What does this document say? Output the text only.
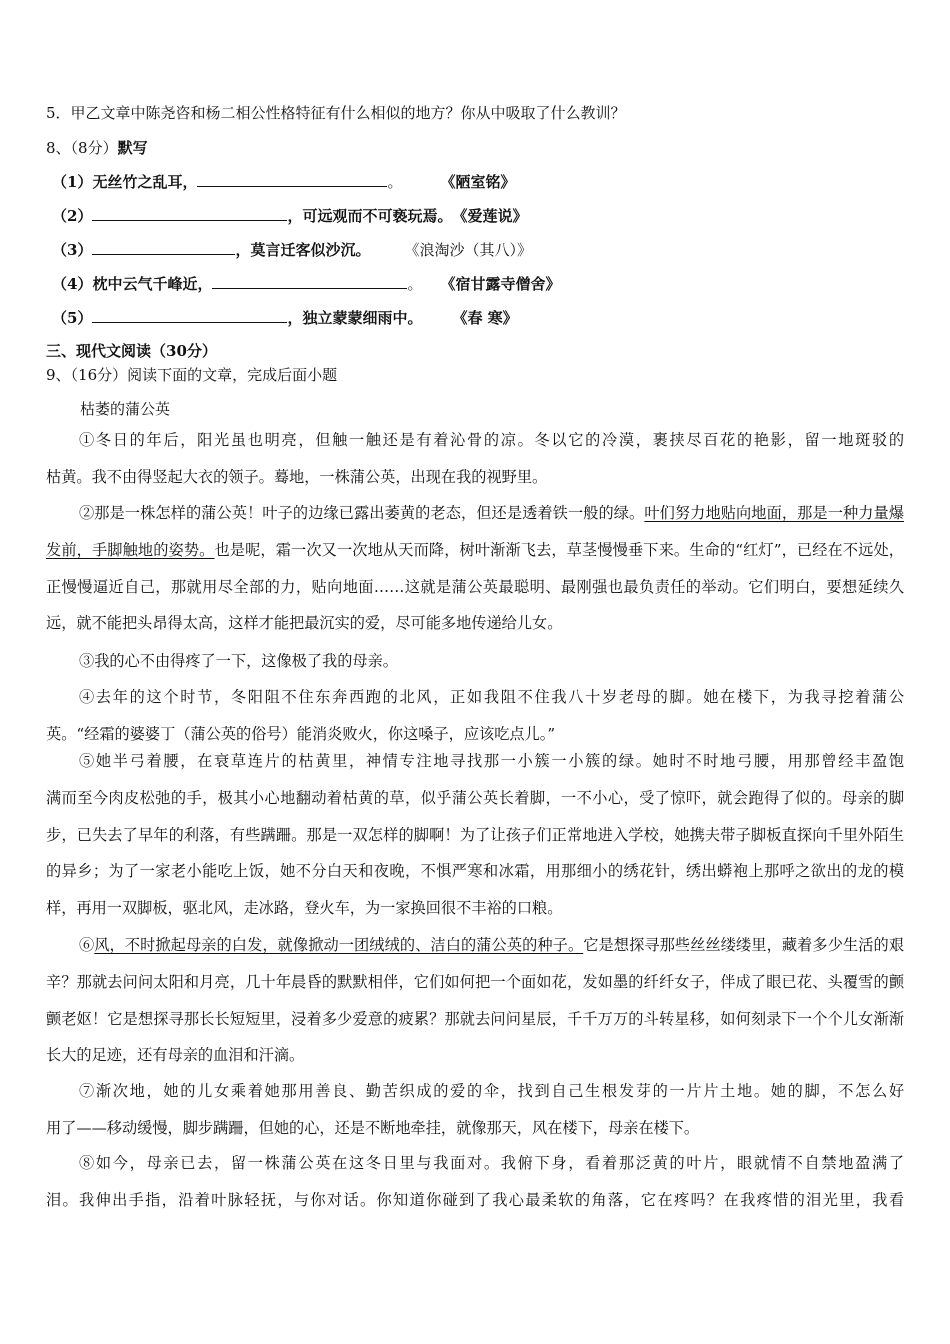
5．甲乙文章中陈尧咨和杨二相公性格特征有什么相似的地方？你从中吸取了什么教训？
8、（8分）默写
（1）无丝竹之乱耳，	。	《陋室铭》
（2）	，可远观而不可亵玩焉。《爱莲说》
（3）	，莫言迁客似沙沉。 《浪淘沙（其八）》
（4）枕中云气千峰近，	。 《宿甘露寺僧舍》
（5）	，独立蒙蒙细雨中。 《春 寒》
三、现代文阅读（30分）
9、（16分）阅读下面的文章，完成后面小题
枯萎的蒲公英
①冬日的年后，阳光虽也明亮，但触一触还是有着沁骨的凉。冬以它的冷漠，裹挟尽百花的艳影，留一地斑驳的
枯黄。我不由得竖起大衣的领子。蓦地，一株蒲公英，出现在我的视野里。
②那是一株怎样的蒲公英！叶子的边缘已露出萎黄的老态，但还是透着铁一般的绿。叶们努力地贴向地面，那是一种力量爆发前，手脚触地的姿势。也是呢，霜一次又一次地从天而降，树叶渐渐飞去，草茎慢慢垂下来。生命的“红灯”，已经在不远处，正慢慢逼近自己，那就用尽全部的力，贴向地面……这就是蒲公英最聪明、最刚强也最负责任的举动。它们明白，要想延续久远，就不能把头昂得太高，这样才能把最沉实的爱，尽可能多地传递给儿女。
③我的心不由得疼了一下，这像极了我的母亲。
④去年的这个时节，冬阳阻不住东奔西跑的北风，正如我阻不住我八十岁老母的脚。她在楼下，为我寻挖着蒲公
英。“经霜的婆婆丁（蒲公英的俗号）能消炎败火，你这嗓子，应该吃点儿。”
⑤她半弓着腰，在衰草连片的枯黄里，神情专注地寻找那一小簇一小簇的绿。她时不时地弓腰，用那曾经丰盈饱
满而至今肉皮松弛的手，极其小心地翻动着枯黄的草，似乎蒲公英长着脚，一不小心，受了惊吓，就会跑得了似的。母亲的脚步，已失去了早年的利落，有些蹒跚。那是一双怎样的脚啊！为了让孩子们正常地进入学校，她携夫带子脚板直探向千里外陌生的异乡；为了一家老小能吃上饭，她不分白天和夜晚，不惧严寒和冰霜，用那细小的绣花针，绣出蟒袍上那呼之欲出的龙的模样，再用一双脚板，驱北风，走冰路，登火车，为一家换回很不丰裕的口粮。
⑥风，不时掀起母亲的白发，就像掀动一团绒绒的、洁白的蒲公英的种子。它是想探寻那些丝丝缕缕里，藏着多少生活的艰辛？那就去问问太阳和月亮，几十年晨昏的默默相伴，它们如何把一个面如花，发如墨的纤纤女子，伴成了眼已花、头覆雪的颤颤老妪！它是想探寻那长长短短里，浸着多少爱意的疲累？那就去问问星辰，千千万万的斗转星移，如何刻录下一个个儿女渐渐长大的足迹，还有母亲的血泪和汗滴。
⑦渐次地，她的儿女乘着她那用善良、勤苦织成的爱的伞，找到自己生根发芽的一片片土地。她的脚，不怎么好
用了——移动缓慢，脚步蹒跚，但她的心，还是不断地牵挂，就像那天，风在楼下，母亲在楼下。
⑧如今，母亲已去，留一株蒲公英在这冬日里与我面对。我俯下身，看着那泛黄的叶片，眼就情不自禁地盈满了
泪。我伸出手指，沿着叶脉轻抚，与你对话。你知道你碰到了我心最柔软的角落，它在疼吗？在我疼惜的泪光里，我看
